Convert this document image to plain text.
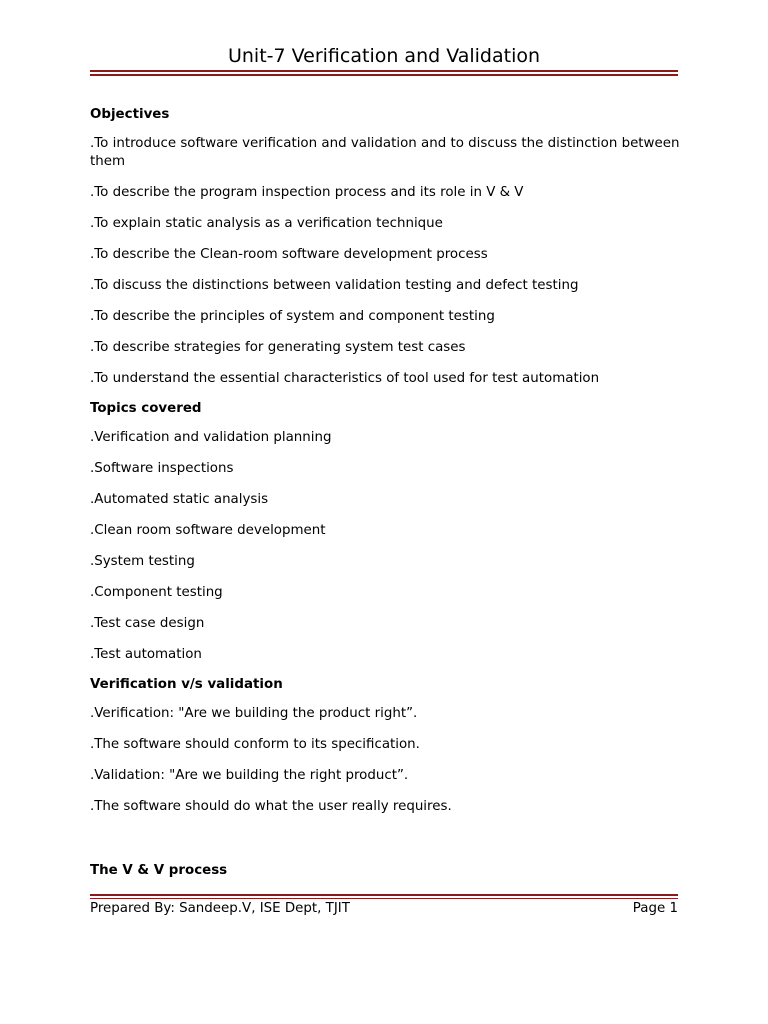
Unit-7 Verification and Validation
Objectives
.To introduce software verification and validation and to discuss the distinction between them
.To describe the program inspection process and its role in V & V
.To explain static analysis as a verification technique
.To describe the Clean-room software development process
.To discuss the distinctions between validation testing and defect testing
.To describe the principles of system and component testing
.To describe strategies for generating system test cases
.To understand the essential characteristics of tool used for test automation
Topics covered
.Verification and validation planning
.Software inspections
.Automated static analysis
.Clean room software development
.System testing
.Component testing
.Test case design
.Test automation
Verification v/s validation
.Verification: "Are we building the product right”.
.The software should conform to its specification.
.Validation: "Are we building the right product”.
.The software should do what the user really requires.
The V & V process
Prepared By: Sandeep.V, ISE Dept, TJIT	Page 1
